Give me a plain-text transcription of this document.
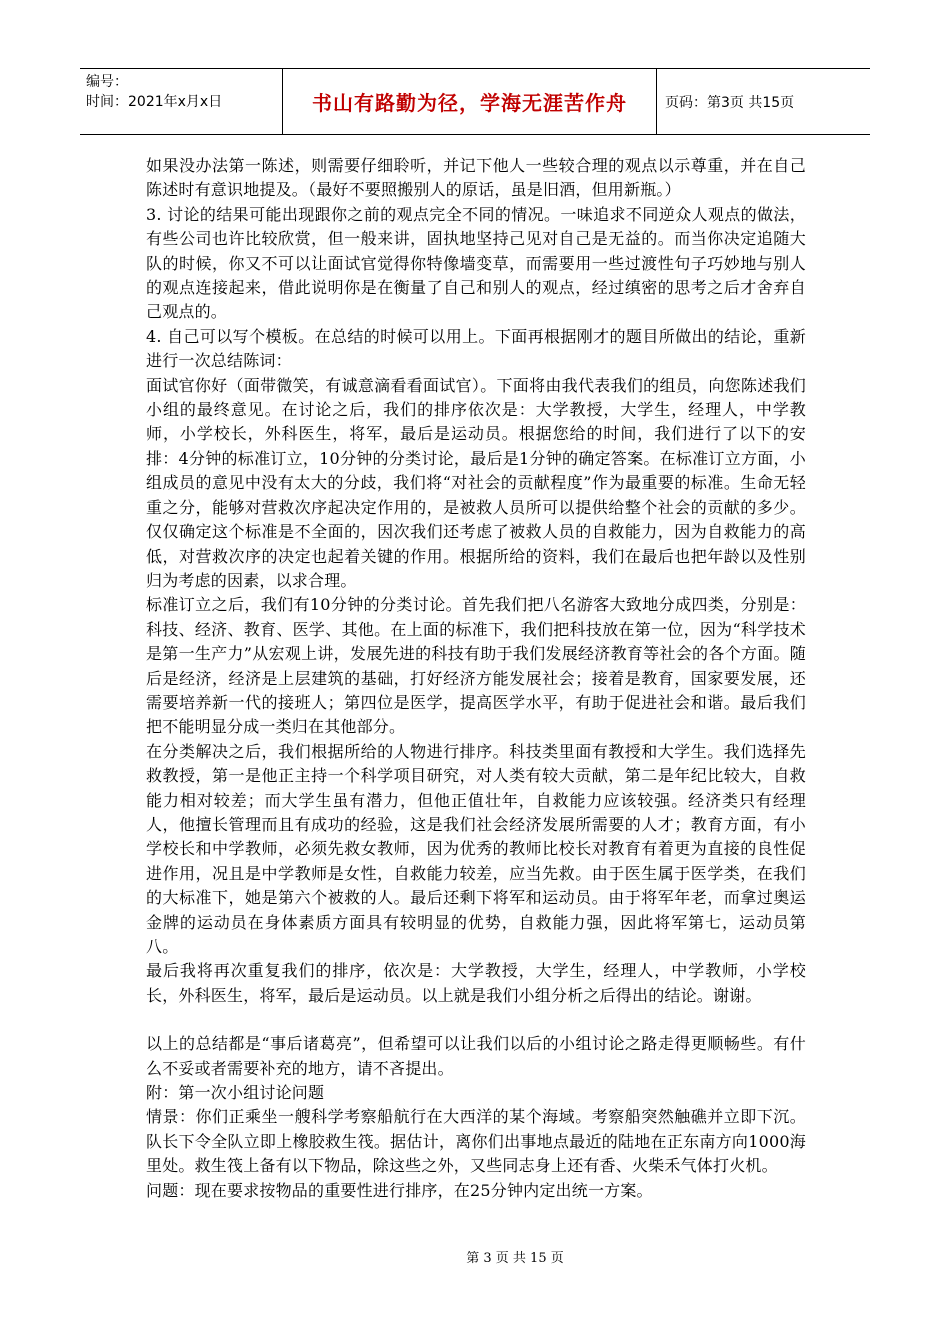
编号：
时间：2021年x月x日	书山有路勤为径，学海无涯苦作舟	页码：第3页 共15页

如果没办法第一陈述，则需要仔细聆听，并记下他人一些较合理的观点以示尊重，并在自己陈述时有意识地提及。（最好不要照搬别人的原话，虽是旧酒，但用新瓶。）

3. 讨论的结果可能出现跟你之前的观点完全不同的情况。一味追求不同逆众人观点的做法，有些公司也许比较欣赏，但一般来讲，固执地坚持己见对自己是无益的。而当你决定追随大队的时候，你又不可以让面试官觉得你特像墙变草，而需要用一些过渡性句子巧妙地与别人的观点连接起来，借此说明你是在衡量了自己和别人的观点，经过缜密的思考之后才舍弃自己观点的。

4. 自己可以写个模板。在总结的时候可以用上。下面再根据刚才的题目所做出的结论，重新进行一次总结陈词：

面试官你好（面带微笑，有诚意滴看看面试官）。下面将由我代表我们的组员，向您陈述我们小组的最终意见。在讨论之后，我们的排序依次是：大学教授，大学生，经理人，中学教师，小学校长，外科医生，将军，最后是运动员。根据您给的时间，我们进行了以下的安排：4分钟的标准订立，10分钟的分类讨论，最后是1分钟的确定答案。在标准订立方面，小组成员的意见中没有太大的分歧，我们将“对社会的贡献程度”作为最重要的标准。生命无轻重之分，能够对营救次序起决定作用的，是被救人员所可以提供给整个社会的贡献的多少。仅仅确定这个标准是不全面的，因次我们还考虑了被救人员的自救能力，因为自救能力的高低，对营救次序的决定也起着关键的作用。根据所给的资料，我们在最后也把年龄以及性别归为考虑的因素，以求合理。

标准订立之后，我们有10分钟的分类讨论。首先我们把八名游客大致地分成四类，分别是：科技、经济、教育、医学、其他。在上面的标准下，我们把科技放在第一位，因为“科学技术是第一生产力”从宏观上讲，发展先进的科技有助于我们发展经济教育等社会的各个方面。随后是经济，经济是上层建筑的基础，打好经济方能发展社会；接着是教育，国家要发展，还需要培养新一代的接班人；第四位是医学，提高医学水平，有助于促进社会和谐。最后我们把不能明显分成一类归在其他部分。

在分类解决之后，我们根据所给的人物进行排序。科技类里面有教授和大学生。我们选择先救教授，第一是他正主持一个科学项目研究，对人类有较大贡献，第二是年纪比较大，自救能力相对较差；而大学生虽有潜力，但他正值壮年，自救能力应该较强。经济类只有经理人，他擅长管理而且有成功的经验，这是我们社会经济发展所需要的人才；教育方面，有小学校长和中学教师，必须先救女教师，因为优秀的教师比校长对教育有着更为直接的良性促进作用，况且是中学教师是女性，自救能力较差，应当先救。由于医生属于医学类，在我们的大标准下，她是第六个被救的人。最后还剩下将军和运动员。由于将军年老，而拿过奥运金牌的运动员在身体素质方面具有较明显的优势，自救能力强，因此将军第七，运动员第八。

最后我将再次重复我们的排序，依次是：大学教授，大学生，经理人，中学教师，小学校长，外科医生，将军，最后是运动员。以上就是我们小组分析之后得出的结论。谢谢。

以上的总结都是“事后诸葛亮”，但希望可以让我们以后的小组讨论之路走得更顺畅些。有什么不妥或者需要补充的地方，请不吝提出。

附：第一次小组讨论问题

情景：你们正乘坐一艘科学考察船航行在大西洋的某个海域。考察船突然触礁并立即下沉。队长下令全队立即上橡胶救生筏。据估计，离你们出事地点最近的陆地在正东南方向1000海里处。救生筏上备有以下物品，除这些之外，又些同志身上还有香、火柴禾气体打火机。

问题：现在要求按物品的重要性进行排序，在25分钟内定出统一方案。

第 3 页 共 15 页
